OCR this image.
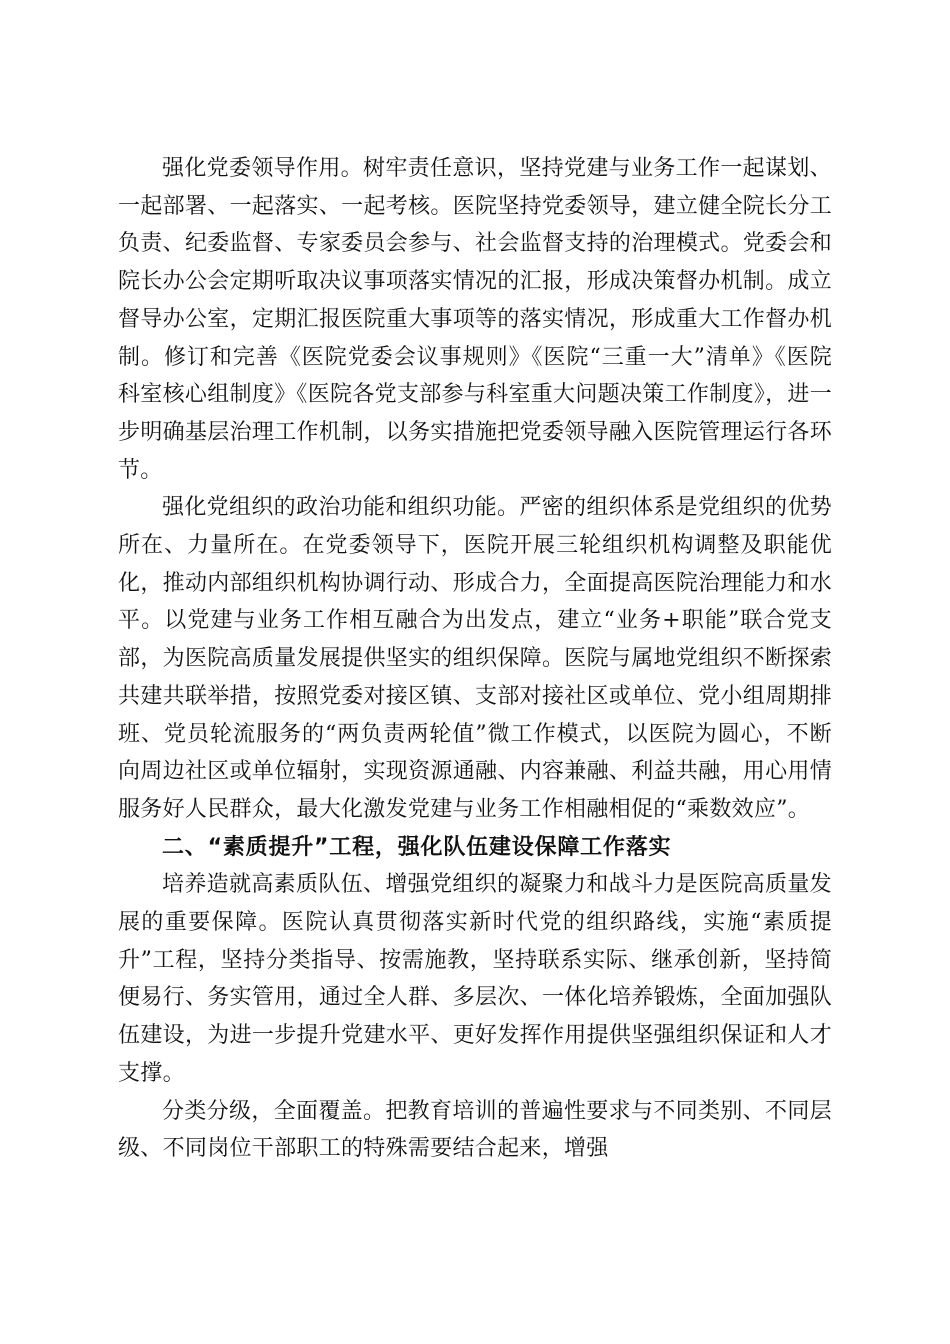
强化党委领导作用。树牢责任意识，坚持党建与业务工作一起谋划、一起部署、一起落实、一起考核。医院坚持党委领导，建立健全院长分工负责、纪委监督、专家委员会参与、社会监督支持的治理模式。党委会和院长办公会定期听取决议事项落实情况的汇报，形成决策督办机制。成立督导办公室，定期汇报医院重大事项等的落实情况，形成重大工作督办机制。修订和完善《医院党委会议事规则》《医院“三重一大”清单》《医院科室核心组制度》《医院各党支部参与科室重大问题决策工作制度》，进一步明确基层治理工作机制，以务实措施把党委领导融入医院管理运行各环节。

强化党组织的政治功能和组织功能。严密的组织体系是党组织的优势所在、力量所在。在党委领导下，医院开展三轮组织机构调整及职能优化，推动内部组织机构协调行动、形成合力，全面提高医院治理能力和水平。以党建与业务工作相互融合为出发点，建立“业务+职能”联合党支部，为医院高质量发展提供坚实的组织保障。医院与属地党组织不断探索共建共联举措，按照党委对接区镇、支部对接社区或单位、党小组周期排班、党员轮流服务的“两负责两轮值”微工作模式，以医院为圆心，不断向周边社区或单位辐射，实现资源通融、内容兼融、利益共融，用心用情服务好人民群众，最大化激发党建与业务工作相融相促的“乘数效应”。

二、“素质提升”工程，强化队伍建设保障工作落实

培养造就高素质队伍、增强党组织的凝聚力和战斗力是医院高质量发展的重要保障。医院认真贯彻落实新时代党的组织路线，实施“素质提升”工程，坚持分类指导、按需施教，坚持联系实际、继承创新，坚持简便易行、务实管用，通过全人群、多层次、一体化培养锻炼，全面加强队伍建设，为进一步提升党建水平、更好发挥作用提供坚强组织保证和人才支撑。

分类分级，全面覆盖。把教育培训的普遍性要求与不同类别、不同层级、不同岗位干部职工的特殊需要结合起来，增强
